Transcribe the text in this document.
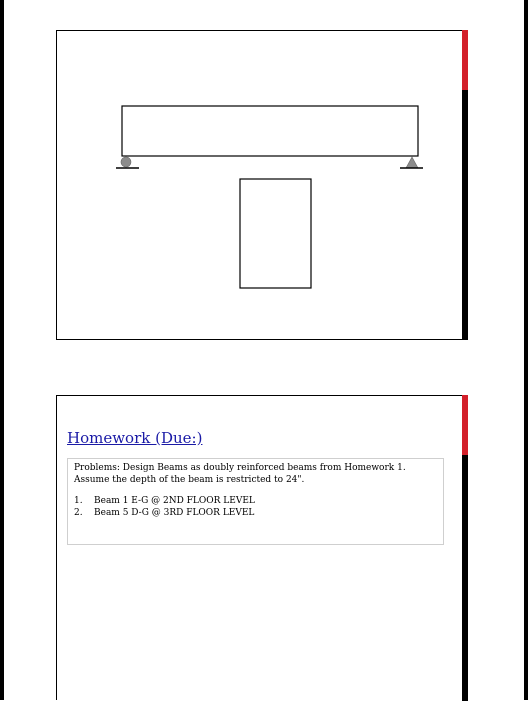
Homework (Due:)

Problems: Design Beams as doubly reinforced beams from Homework 1. Assume the depth of the beam is restricted to 24".

1.	Beam 1 E-G @ 2ND FLOOR LEVEL
2.	Beam 5 D-G @ 3RD FLOOR LEVEL
